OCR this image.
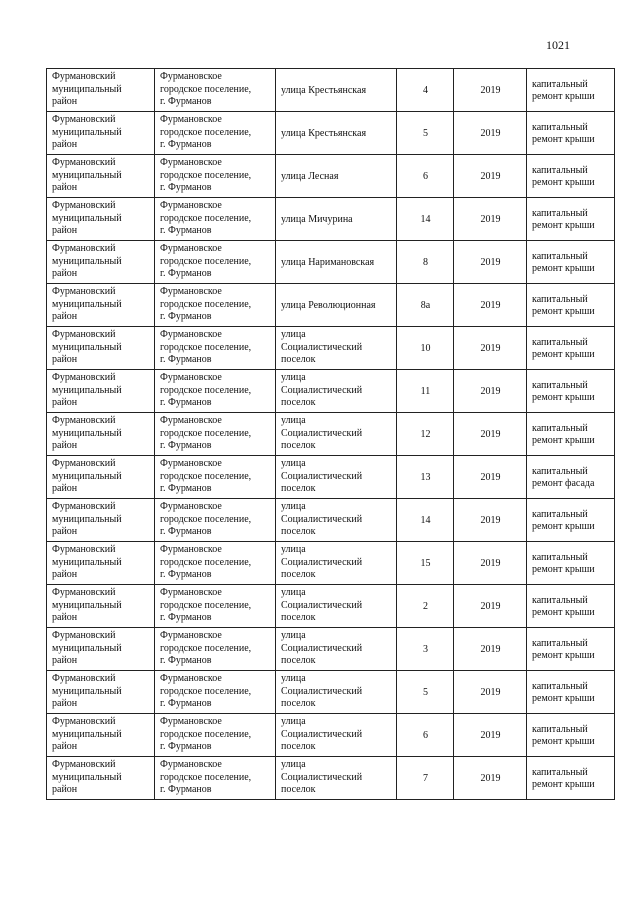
1021
Фурмановский
муниципальный
район	Фурмановское
городское поселение,
г. Фурманов	улица Крестьянская	4	2019	капитальный
ремонт крыши

Фурмановский
муниципальный
район	Фурмановское
городское поселение,
г. Фурманов	улица Крестьянская	5	2019	капитальный
ремонт крыши

Фурмановский
муниципальный
район	Фурмановское
городское поселение,
г. Фурманов	улица Лесная	6	2019	капитальный
ремонт крыши

Фурмановский
муниципальный
район	Фурмановское
городское поселение,
г. Фурманов	улица Мичурина	14	2019	капитальный
ремонт крыши

Фурмановский
муниципальный
район	Фурмановское
городское поселение,
г. Фурманов	улица Наримановская	8	2019	капитальный
ремонт крыши

Фурмановский
муниципальный
район	Фурмановское
городское поселение,
г. Фурманов	улица Революционная	8а	2019	капитальный
ремонт крыши

Фурмановский
муниципальный
район	Фурмановское
городское поселение,
г. Фурманов	улица
Социалистический
поселок	10	2019	капитальный
ремонт крыши

Фурмановский
муниципальный
район	Фурмановское
городское поселение,
г. Фурманов	улица
Социалистический
поселок	11	2019	капитальный
ремонт крыши

Фурмановский
муниципальный
район	Фурмановское
городское поселение,
г. Фурманов	улица
Социалистический
поселок	12	2019	капитальный
ремонт крыши

Фурмановский
муниципальный
район	Фурмановское
городское поселение,
г. Фурманов	улица
Социалистический
поселок	13	2019	капитальный
ремонт фасада

Фурмановский
муниципальный
район	Фурмановское
городское поселение,
г. Фурманов	улица
Социалистический
поселок	14	2019	капитальный
ремонт крыши

Фурмановский
муниципальный
район	Фурмановское
городское поселение,
г. Фурманов	улица
Социалистический
поселок	15	2019	капитальный
ремонт крыши

Фурмановский
муниципальный
район	Фурмановское
городское поселение,
г. Фурманов	улица
Социалистический
поселок	2	2019	капитальный
ремонт крыши

Фурмановский
муниципальный
район	Фурмановское
городское поселение,
г. Фурманов	улица
Социалистический
поселок	3	2019	капитальный
ремонт крыши

Фурмановский
муниципальный
район	Фурмановское
городское поселение,
г. Фурманов	улица
Социалистический
поселок	5	2019	капитальный
ремонт крыши

Фурмановский
муниципальный
район	Фурмановское
городское поселение,
г. Фурманов	улица
Социалистический
поселок	6	2019	капитальный
ремонт крыши

Фурмановский
муниципальный
район	Фурмановское
городское поселение,
г. Фурманов	улица
Социалистический
поселок	7	2019	капитальный
ремонт крыши
